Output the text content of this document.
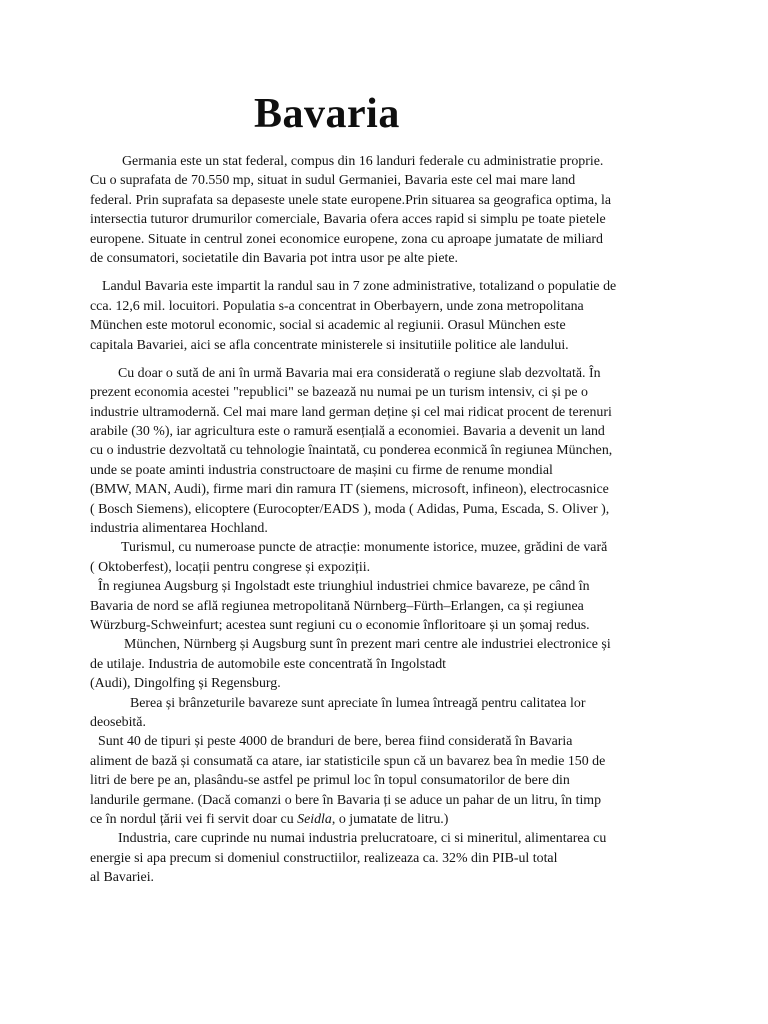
Bavaria
Germania este un stat federal, compus din 16 landuri federale cu administratie proprie.
Cu o suprafata de 70.550 mp, situat in sudul Germaniei, Bavaria este cel mai mare land
federal. Prin suprafata sa depaseste unele state europene.Prin situarea sa geografica optima, la
intersectia tuturor drumurilor comerciale, Bavaria ofera acces rapid si simplu pe toate pietele
europene. Situate in centrul zonei economice europene, zona cu aproape jumatate de miliard
de consumatori, societatile din Bavaria pot intra usor pe alte piete.
Landul Bavaria este impartit la randul sau in 7 zone administrative, totalizand o populatie de
cca. 12,6 mil. locuitori. Populatia s-a concentrat in Oberbayern, unde zona metropolitana
München este motorul economic, social si academic al regiunii. Orasul München este
capitala Bavariei, aici se afla concentrate ministerele si insitutiile politice ale landului.
Cu doar o sută de ani în urmă Bavaria mai era considerată o regiune slab dezvoltată. În
prezent economia acestei "republici" se bazează nu numai pe un turism intensiv, ci și pe o
industrie ultramodernă. Cel mai mare land german deține și cel mai ridicat procent de terenuri
arabile (30 %), iar agricultura este o ramură esențială a economiei. Bavaria a devenit un land
cu o industrie dezvoltată cu tehnologie înaintată, cu ponderea econmică în regiunea München,
unde se poate aminti industria constructoare de mașini cu firme de renume mondial
(BMW, MAN, Audi), firme mari din ramura IT (siemens, microsoft, infineon), electrocasnice
( Bosch Siemens), elicoptere (Eurocopter/EADS ), moda ( Adidas, Puma, Escada, S. Oliver ),
industria alimentarea Hochland.
Turismul, cu numeroase puncte de atracție: monumente istorice, muzee, grădini de vară
( Oktoberfest), locații pentru congrese și expoziții.
În regiunea Augsburg și Ingolstadt este triunghiul industriei chmice bavareze, pe când în
Bavaria de nord se află regiunea metropolitană Nürnberg–Fürth–Erlangen, ca și regiunea
Würzburg-Schweinfurt; acestea sunt regiuni cu o economie înfloritoare și un șomaj redus.
München, Nürnberg și Augsburg sunt în prezent mari centre ale industriei electronice și
de utilaje. Industria de automobile este concentrată în Ingolstadt
(Audi), Dingolfing și Regensburg.
Berea și brânzeturile bavareze sunt apreciate în lumea întreagă pentru calitatea lor
deosebită.
Sunt 40 de tipuri și peste 4000 de branduri de bere, berea fiind considerată în Bavaria
aliment de bază și consumată ca atare, iar statisticile spun că un bavarez bea în medie 150 de
litri de bere pe an, plasându-se astfel pe primul loc în topul consumatorilor de bere din
landurile germane. (Dacă comanzi o bere în Bavaria ți se aduce un pahar de un litru, în timp
ce în nordul țării vei fi servit doar cu Seidla, o jumatate de litru.)
Industria, care cuprinde nu numai industria prelucratoare, ci si mineritul, alimentarea cu
energie si apa precum si domeniul constructiilor, realizeaza ca. 32% din PIB-ul total
al Bavariei.
